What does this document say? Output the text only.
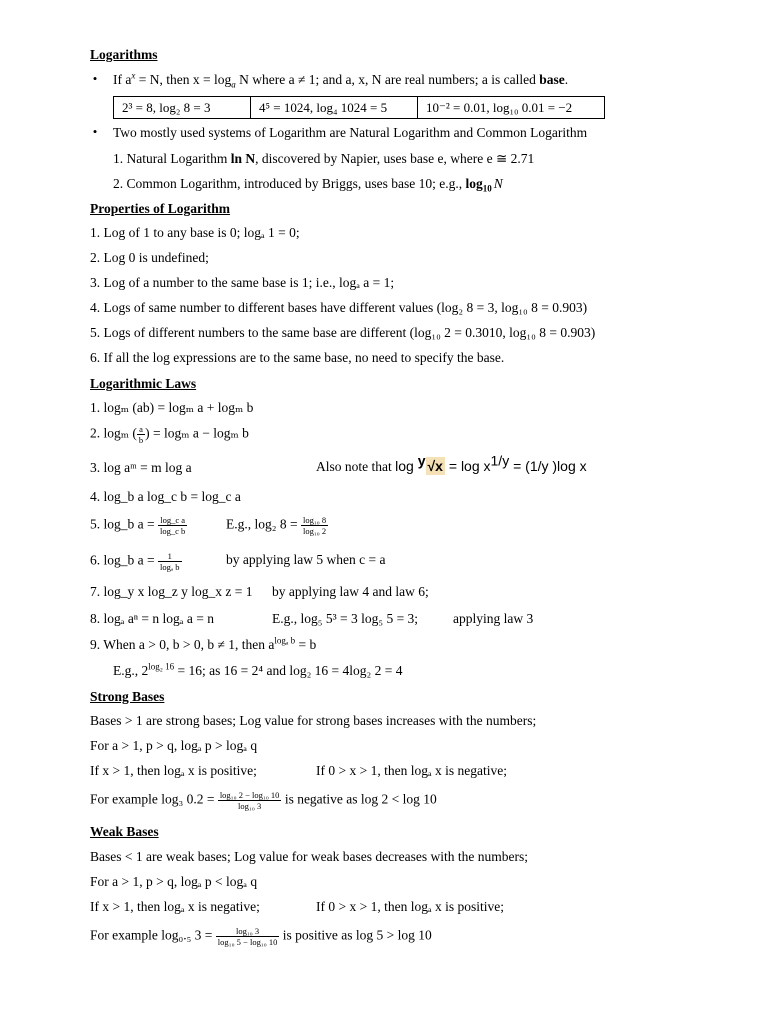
Logarithms
• If $a^x = N$, then $x = \log_a N$ where a ≠ 1; and a, x, N are real numbers; a is called base.
2³ = 8, log₂ 8 = 3	4⁵ = 1024, log₄ 1024 = 5	10⁻² = 0.01, log₁₀ 0.01 = −2
• Two mostly used systems of Logarithm are Natural Logarithm and Common Logarithm
1. Natural Logarithm ln N, discovered by Napier, uses base e, where e ≅ 2.71
2. Common Logarithm, introduced by Briggs, uses base 10; e.g., $\log_{10} N$
Properties of Logarithm
1. Log of 1 to any base is 0; logₐ 1 = 0;
2. Log 0 is undefined;
3. Log of a number to the same base is 1; i.e., logₐ a = 1;
4. Logs of same number to different bases have different values (log₂ 8 = 3, log₁₀ 8 = 0.903)
5. Logs of different numbers to the same base are different (log₁₀ 2 = 0.3010, log₁₀ 8 = 0.903)
6. If all the log expressions are to the same base, no need to specify the base.
Logarithmic Laws
1. logₘ (ab) = logₘ a + logₘ b
2. logₘ ( $\frac{a}{b}$ ) = logₘ a − logₘ b
3. log aᵐ = m log a	Also note that log $^y$ $√x = \log x^{1/y} = (1/y$ )log x
4. log_b a log_c b = log_c a
5. log_b $a = \frac{\text{log\_c a}}{\text{log\_c b}}$	E.g., log₂ $8 = \frac{\text{log₁₀ 8}}{\text{log₁₀ 2}}$
6. log_b $a = \frac{1}{\text{logₐ b}}$	by applying law 5 when c = a
7. log_y x log_z y log_x z = 1 by applying law 4 and law 6;
8. logₐ aⁿ = n logₐ a = n	E.g., log₅ 5³ = 3 log₅ 5 = 3;	applying law 3
9. When a > 0, b > 0, b ≠ 1, then $a^{log_a b} = b$
E.g., $2^{log_2 16} = 16$; as 16 = 2⁴ and log₂ 16 = 4log₂ 2 = 4
Strong Bases
Bases > 1 are strong bases; Log value for strong bases increases with the numbers;
For a > 1, p > q, logₐ p > logₐ q
If x > 1, then logₐ x is positive;	If 0 > x > 1, then logₐ x is negative;
For example log₃ $0.2 = \frac{\text{log₁₀ 2 − log₁₀ 10}}{\text{log₁₀ 3}}$ is negative as log 2 < log 10
Weak Bases
Bases < 1 are weak bases; Log value for weak bases decreases with the numbers;
For a > 1, p > q, logₐ p < logₐ q
If x > 1, then logₐ x is negative;	If 0 > x > 1, then logₐ x is positive;
For example log₀.₅ $3 = \frac{\text{log₁₀ 3}}{\text{log₁₀ 5 − log₁₀ 10}}$ is positive as log 5 > log 10
